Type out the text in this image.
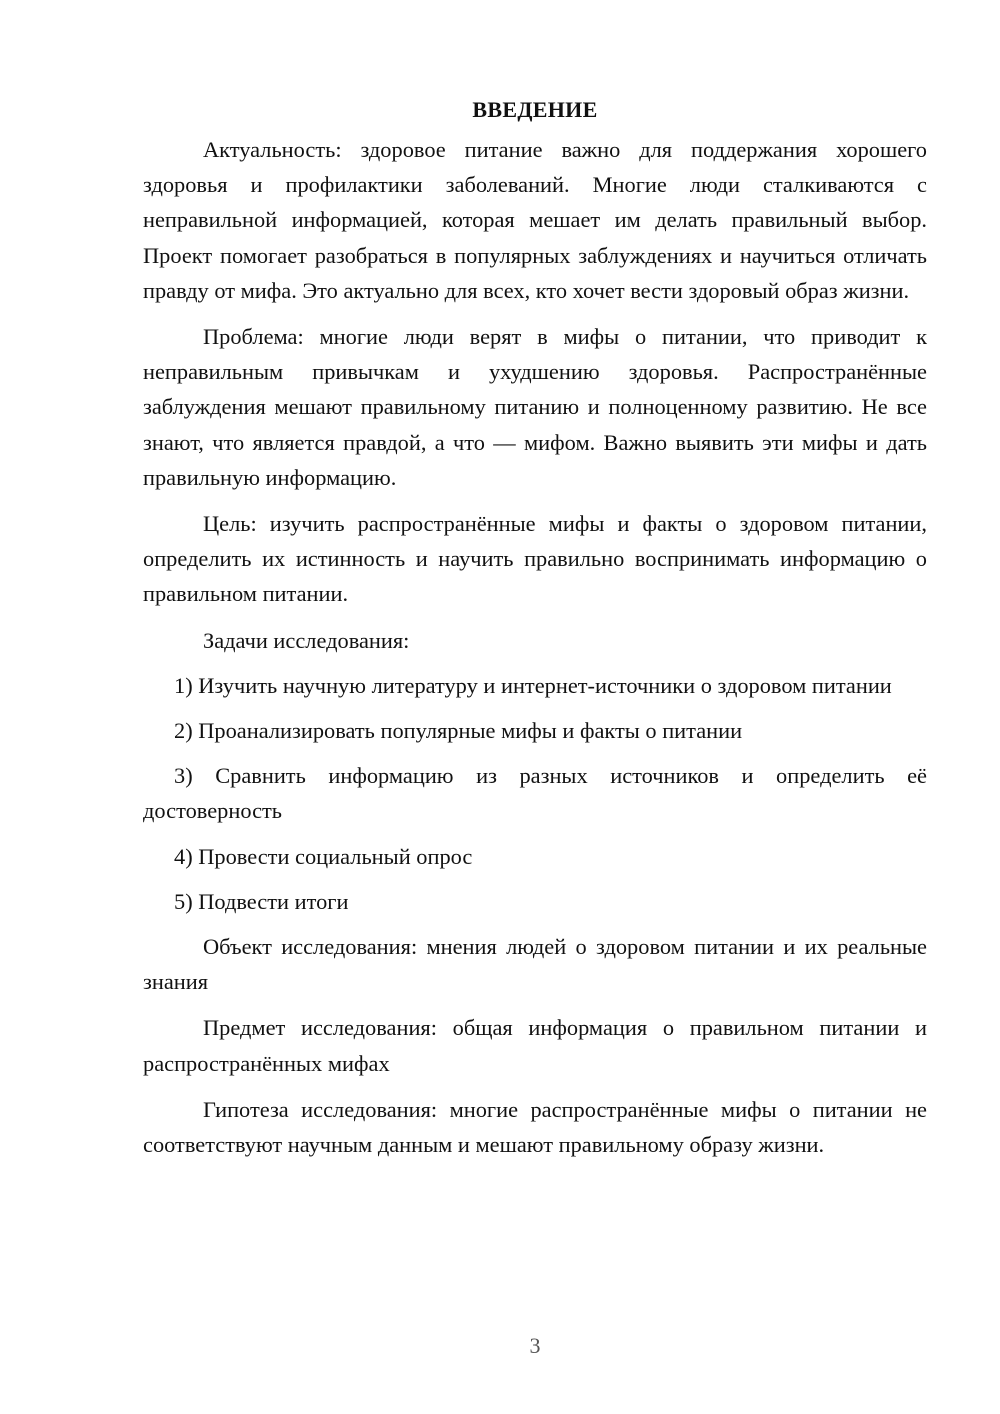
ВВЕДЕНИЕ

Актуальность: здоровое питание важно для поддержания хорошего здоровья и профилактики заболеваний. Многие люди сталкиваются с неправильной информацией, которая мешает им делать правильный выбор. Проект помогает разобраться в популярных заблуждениях и научиться отличать правду от мифа. Это актуально для всех, кто хочет вести здоровый образ жизни.

Проблема: многие люди верят в мифы о питании, что приводит к неправильным привычкам и ухудшению здоровья. Распространённые заблуждения мешают правильному питанию и полноценному развитию. Не все знают, что является правдой, а что — мифом. Важно выявить эти мифы и дать правильную информацию.

Цель: изучить распространённые мифы и факты о здоровом питании, определить их истинность и научить правильно воспринимать информацию о правильном питании.

Задачи исследования:

1) Изучить научную литературу и интернет-источники о здоровом питании

2) Проанализировать популярные мифы и факты о питании

3) Сравнить информацию из разных источников и определить её достоверность

4) Провести социальный опрос

5) Подвести итоги

Объект исследования: мнения людей о здоровом питании и их реальные знания

Предмет исследования: общая информация о правильном питании и распространённых мифах

Гипотеза исследования: многие распространённые мифы о питании не соответствуют научным данным и мешают правильному образу жизни.

3
